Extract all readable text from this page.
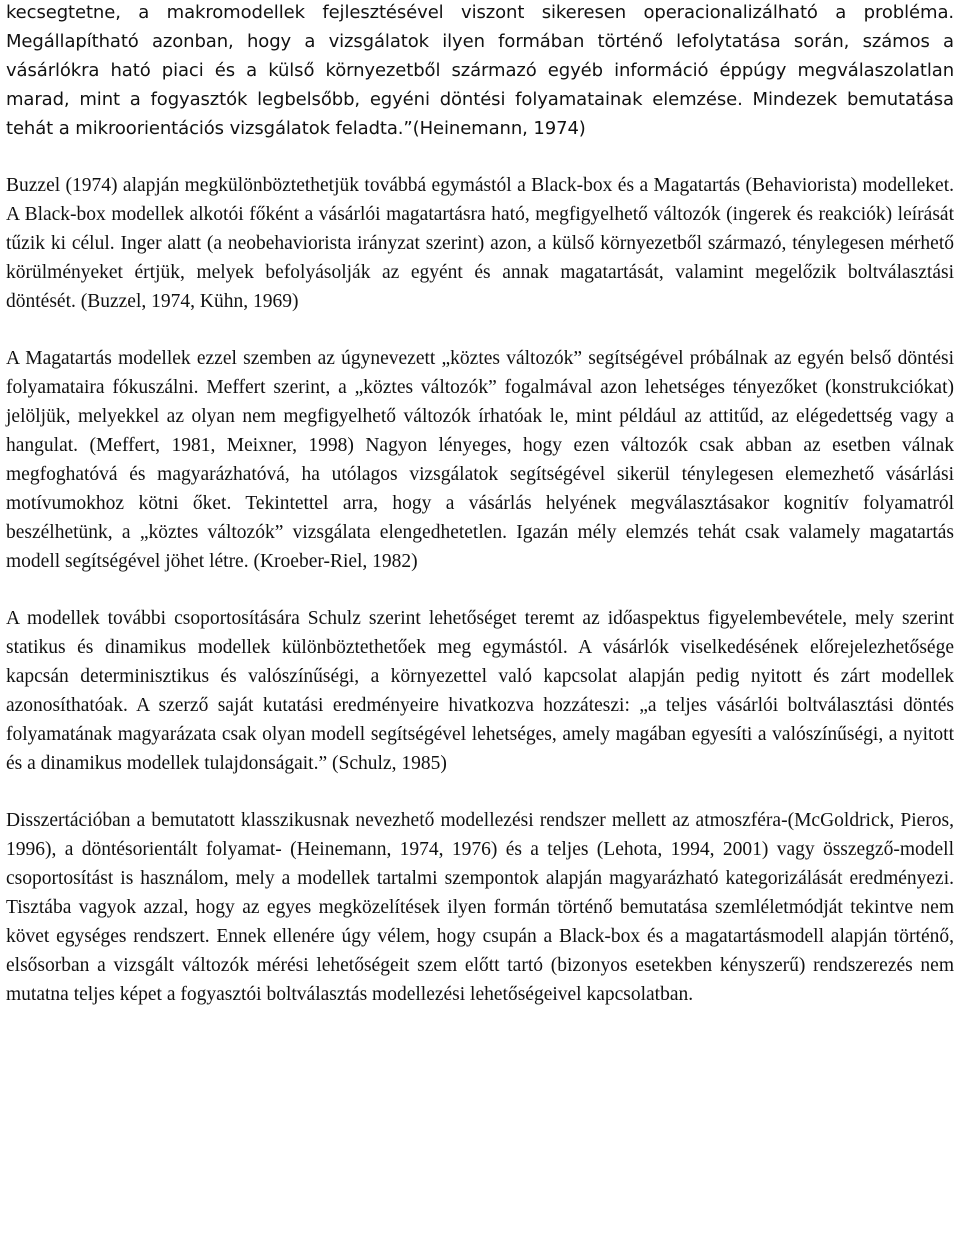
kecsegtetne, a makromodellek fejlesztésével viszont sikeresen operacionalizálható a probléma. Megállapítható azonban, hogy a vizsgálatok ilyen formában történő lefolytatása során, számos a vásárlókra ható piaci és a külső környezetből származó egyéb információ éppúgy megválaszolatlan marad, mint a fogyasztók legbelsőbb, egyéni döntési folyamatainak elemzése. Mindezek bemutatása tehát a mikroorientációs vizsgálatok feladta.”(Heinemann, 1974)

Buzzel (1974) alapján megkülönböztethetjük továbbá egymástól a Black-box és a Magatartás (Behaviorista) modelleket. A Black-box modellek alkotói főként a vásárlói magatartásra ható, megfigyelhető változók (ingerek és reakciók) leírását tűzik ki célul. Inger alatt (a neobehaviorista irányzat szerint) azon, a külső környezetből származó, ténylegesen mérhető körülményeket értjük, melyek befolyásolják az egyént és annak magatartását, valamint megelőzik boltválasztási döntését. (Buzzel, 1974, Kühn, 1969)

A Magatartás modellek ezzel szemben az úgynevezett „köztes változók” segítségével próbálnak az egyén belső döntési folyamataira fókuszálni. Meffert szerint, a „köztes változók” fogalmával azon lehetséges tényezőket (konstrukciókat) jelöljük, melyekkel az olyan nem megfigyelhető változók írhatóak le, mint például az attitűd, az elégedettség vagy a hangulat. (Meffert, 1981, Meixner, 1998) Nagyon lényeges, hogy ezen változók csak abban az esetben válnak megfoghatóvá és magyarázhatóvá, ha utólagos vizsgálatok segítségével sikerül ténylegesen elemezhető vásárlási motívumokhoz kötni őket. Tekintettel arra, hogy a vásárlás helyének megválasztásakor kognitív folyamatról beszélhetünk, a „köztes változók” vizsgálata elengedhetetlen. Igazán mély elemzés tehát csak valamely magatartás modell segítségével jöhet létre. (Kroeber-Riel, 1982)

A modellek további csoportosítására Schulz szerint lehetőséget teremt az időaspektus figyelembevétele, mely szerint statikus és dinamikus modellek különböztethetőek meg egymástól. A vásárlók viselkedésének előrejelezhetősége kapcsán determinisztikus és valószínűségi, a környezettel való kapcsolat alapján pedig nyitott és zárt modellek azonosíthatóak. A szerző saját kutatási eredményeire hivatkozva hozzáteszi: „a teljes vásárlói boltválasztási döntés folyamatának magyarázata csak olyan modell segítségével lehetséges, amely magában egyesíti a valószínűségi, a nyitott és a dinamikus modellek tulajdonságait.” (Schulz, 1985)

Disszertációban a bemutatott klasszikusnak nevezhető modellezési rendszer mellett az atmoszféra-(McGoldrick, Pieros, 1996), a döntésorientált folyamat- (Heinemann, 1974, 1976) és a teljes (Lehota, 1994, 2001) vagy összegző-modell csoportosítást is használom, mely a modellek tartalmi szempontok alapján magyarázható kategorizálását eredményezi. Tisztába vagyok azzal, hogy az egyes megközelítések ilyen formán történő bemutatása szemléletmódját tekintve nem követ egységes rendszert. Ennek ellenére úgy vélem, hogy csupán a Black-box és a magatartásmodell alapján történő, elsősorban a vizsgált változók mérési lehetőségeit szem előtt tartó (bizonyos esetekben kényszerű) rendszerezés nem mutatna teljes képet a fogyasztói boltválasztás modellezési lehetőségeivel kapcsolatban.
